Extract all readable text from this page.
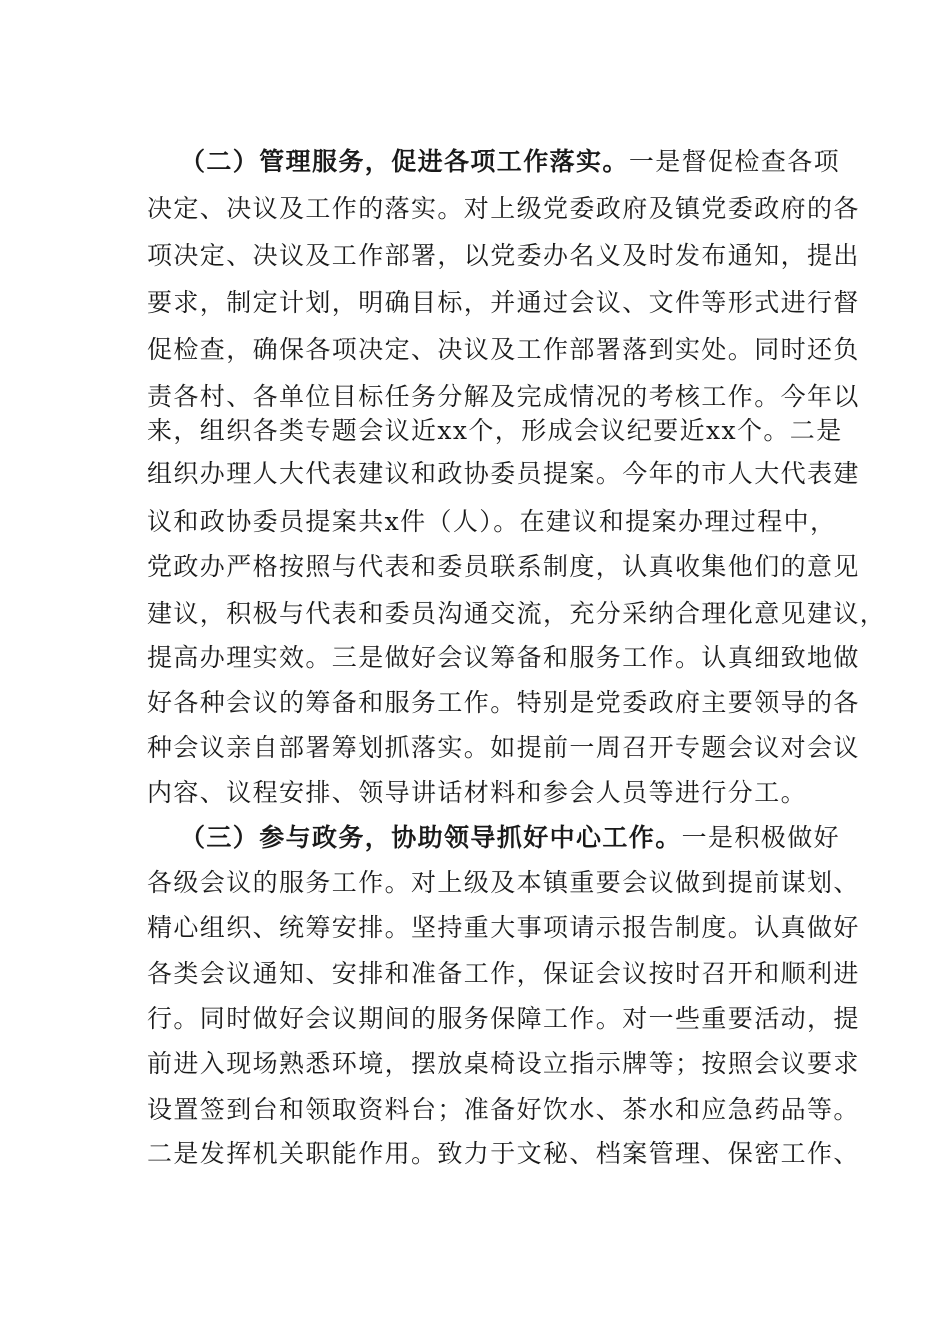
（二）管理服务，促进各项工作落实。一是督促检查各项
决定、决议及工作的落实。对上级党委政府及镇党委政府的各
项决定、决议及工作部署，以党委办名义及时发布通知，提出
要求，制定计划，明确目标，并通过会议、文件等形式进行督
促检查，确保各项决定、决议及工作部署落到实处。同时还负
责各村、各单位目标任务分解及完成情况的考核工作。今年以
来，组织各类专题会议近xx个，形成会议纪要近xx个。二是
组织办理人大代表建议和政协委员提案。今年的市人大代表建
议和政协委员提案共x件（人）。在建议和提案办理过程中，
党政办严格按照与代表和委员联系制度，认真收集他们的意见
建议，积极与代表和委员沟通交流，充分采纳合理化意见建议，
提高办理实效。三是做好会议筹备和服务工作。认真细致地做
好各种会议的筹备和服务工作。特别是党委政府主要领导的各
种会议亲自部署筹划抓落实。如提前一周召开专题会议对会议
内容、议程安排、领导讲话材料和参会人员等进行分工。
（三）参与政务，协助领导抓好中心工作。一是积极做好
各级会议的服务工作。对上级及本镇重要会议做到提前谋划、
精心组织、统筹安排。坚持重大事项请示报告制度。认真做好
各类会议通知、安排和准备工作，保证会议按时召开和顺利进
行。同时做好会议期间的服务保障工作。对一些重要活动，提
前进入现场熟悉环境，摆放桌椅设立指示牌等；按照会议要求
设置签到台和领取资料台；准备好饮水、茶水和应急药品等。
二是发挥机关职能作用。致力于文秘、档案管理、保密工作、
